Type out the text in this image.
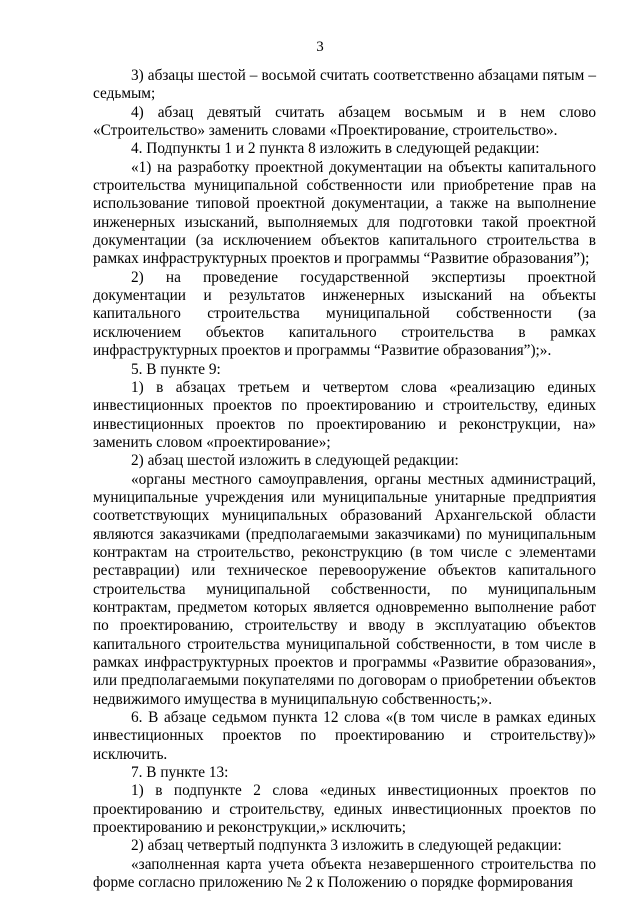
3

3) абзацы шестой – восьмой считать соответственно абзацами пятым – седьмым;

4) абзац девятый считать абзацем восьмым и в нем слово «Строительство» заменить словами «Проектирование, строительство».

4. Подпункты 1 и 2 пункта 8 изложить в следующей редакции:

«1) на разработку проектной документации на объекты капитального строительства муниципальной собственности или приобретение прав на использование типовой проектной документации, а также на выполнение инженерных изысканий, выполняемых для подготовки такой проектной документации (за исключением объектов капитального строительства в рамках инфраструктурных проектов и программы “Развитие образования”);

2) на проведение государственной экспертизы проектной документации и результатов инженерных изысканий на объекты капитального строительства муниципальной собственности (за исключением объектов капитального строительства в рамках инфраструктурных проектов и программы “Развитие образования”);».

5. В пункте 9:

1) в абзацах третьем и четвертом слова «реализацию единых инвестиционных проектов по проектированию и строительству, единых инвестиционных проектов по проектированию и реконструкции, на» заменить словом «проектирование»;

2) абзац шестой изложить в следующей редакции:

«органы местного самоуправления, органы местных администраций, муниципальные учреждения или муниципальные унитарные предприятия соответствующих муниципальных образований Архангельской области являются заказчиками (предполагаемыми заказчиками) по муниципальным контрактам на строительство, реконструкцию (в том числе с элементами реставрации) или техническое перевооружение объектов капитального строительства муниципальной собственности, по муниципальным контрактам, предметом которых является одновременно выполнение работ по проектированию, строительству и вводу в эксплуатацию объектов капитального строительства муниципальной собственности, в том числе в рамках инфраструктурных проектов и программы «Развитие образования», или предполагаемыми покупателями по договорам о приобретении объектов недвижимого имущества в муниципальную собственность;».

6. В абзаце седьмом пункта 12 слова «(в том числе в рамках единых инвестиционных проектов по проектированию и строительству)» исключить.

7. В пункте 13:

1) в подпункте 2 слова «единых инвестиционных проектов по проектированию и строительству, единых инвестиционных проектов по проектированию и реконструкции,» исключить;

2) абзац четвертый подпункта 3 изложить в следующей редакции:

«заполненная карта учета объекта незавершенного строительства по форме согласно приложению № 2 к Положению о порядке формирования
